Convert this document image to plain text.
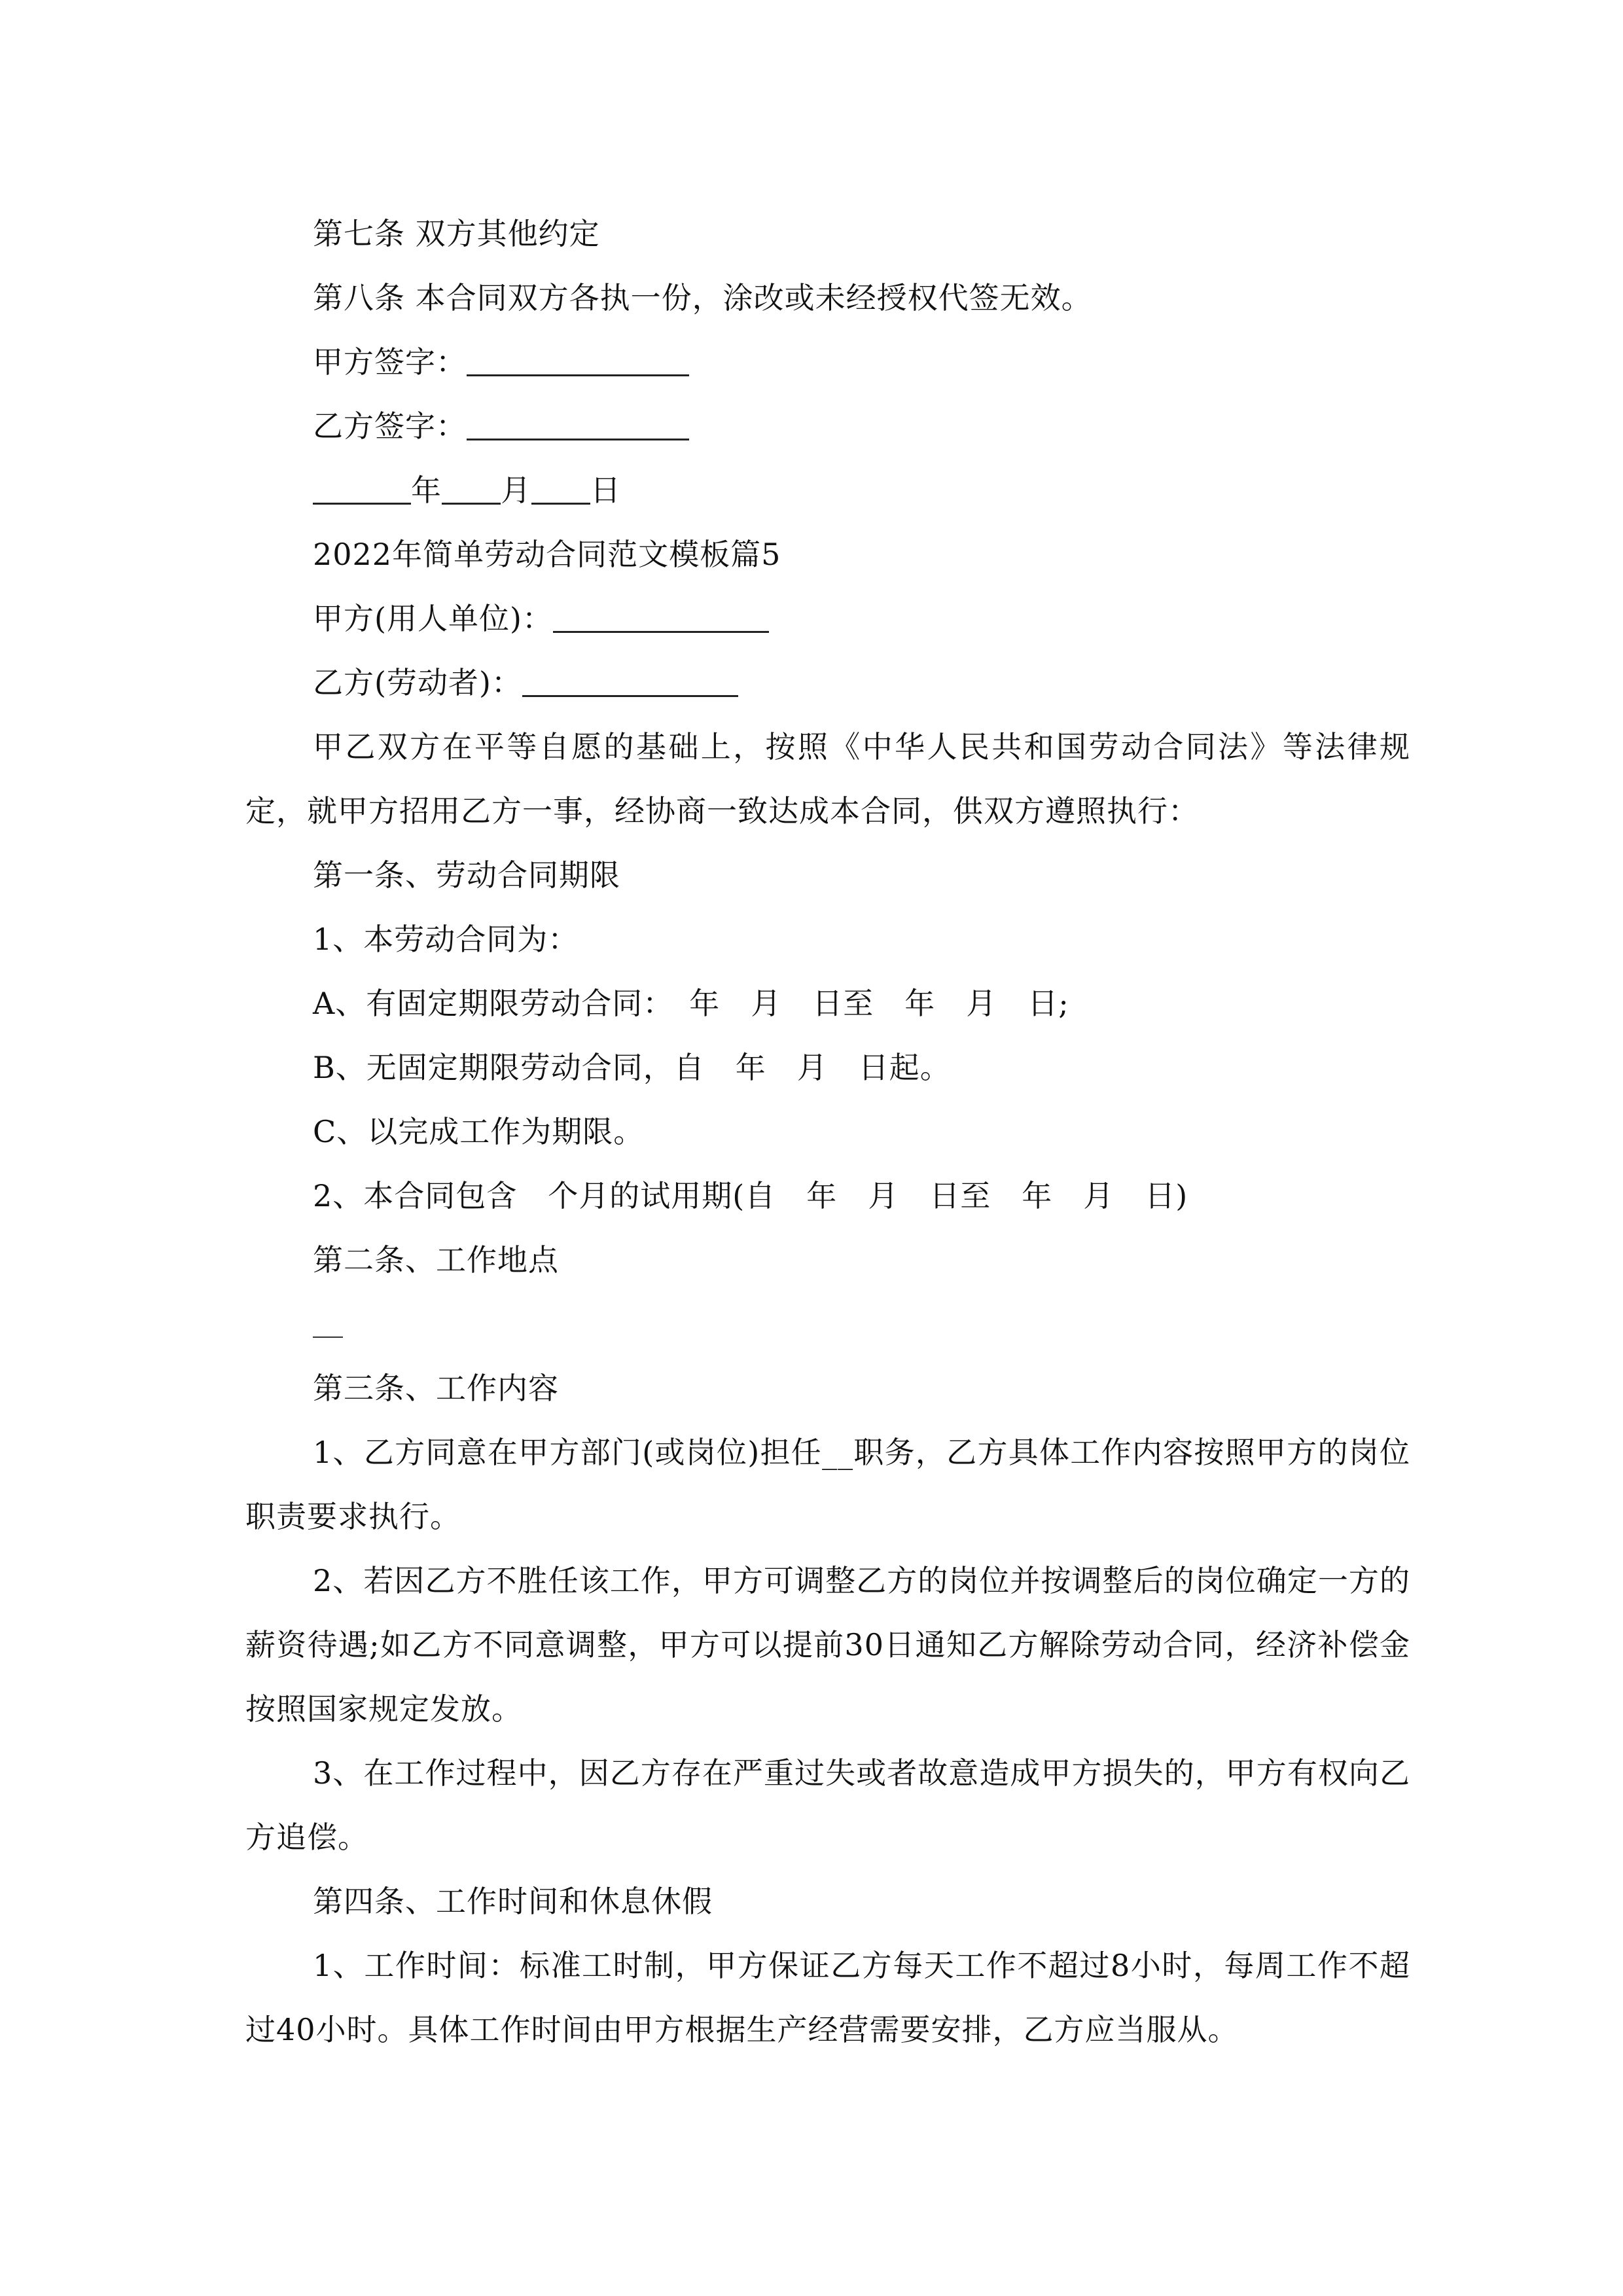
第七条 双方其他约定
第八条 本合同双方各执一份，涂改或未经授权代签无效。
甲方签字：
乙方签字：
年 月 日
2022年简单劳动合同范文模板篇5
甲方(用人单位)：
乙方(劳动者)：
甲乙双方在平等自愿的基础上，按照《中华人民共和国劳动合同法》等法律规定，就甲方招用乙方一事，经协商一致达成本合同，供双方遵照执行：
第一条、劳动合同期限
1、本劳动合同为：
A、有固定期限劳动合同：　年　月　日至　年　月　日;
B、无固定期限劳动合同，自　年　月　日起。
C、以完成工作为期限。
2、本合同包含　个月的试用期(自　年　月　日至　年　月　日)
第二条、工作地点
第三条、工作内容
1、乙方同意在甲方部门(或岗位)担任__职务，乙方具体工作内容按照甲方的岗位职责要求执行。
2、若因乙方不胜任该工作，甲方可调整乙方的岗位并按调整后的岗位确定一方的薪资待遇;如乙方不同意调整，甲方可以提前30日通知乙方解除劳动合同，经济补偿金按照国家规定发放。
3、在工作过程中，因乙方存在严重过失或者故意造成甲方损失的，甲方有权向乙方追偿。
第四条、工作时间和休息休假
1、工作时间：标准工时制，甲方保证乙方每天工作不超过8小时，每周工作不超过40小时。具体工作时间由甲方根据生产经营需要安排，乙方应当服从。
